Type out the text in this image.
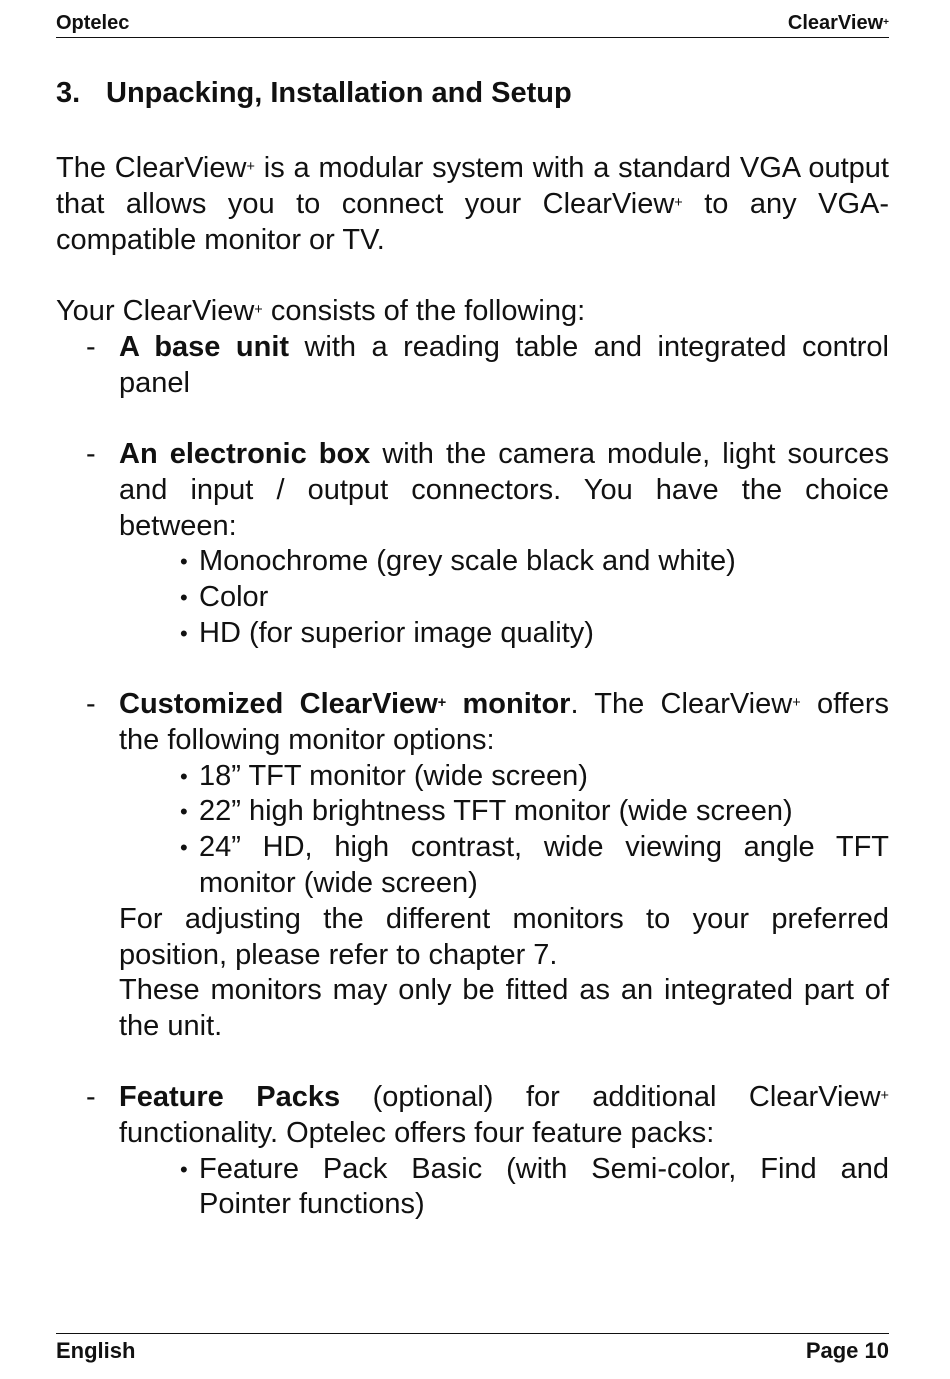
Optelec	ClearView+
3. Unpacking, Installation and Setup
The ClearView+ is a modular system with a standard VGA output that allows you to connect your ClearView+ to any VGA-compatible monitor or TV.
Your ClearView+ consists of the following:
- A base unit with a reading table and integrated control panel
- An electronic box with the camera module, light sources and input / output connectors. You have the choice between:
• Monochrome (grey scale black and white)
• Color
• HD (for superior image quality)
- Customized ClearView+ monitor. The ClearView+ offers the following monitor options:
• 18” TFT monitor (wide screen)
• 22” high brightness TFT monitor (wide screen)
• 24” HD, high contrast, wide viewing angle TFT monitor (wide screen)
For adjusting the different monitors to your preferred position, please refer to chapter 7.
These monitors may only be fitted as an integrated part of the unit.
- Feature Packs (optional) for additional ClearView+ functionality. Optelec offers four feature packs:
• Feature Pack Basic (with Semi-color, Find and Pointer functions)
English	Page 10
